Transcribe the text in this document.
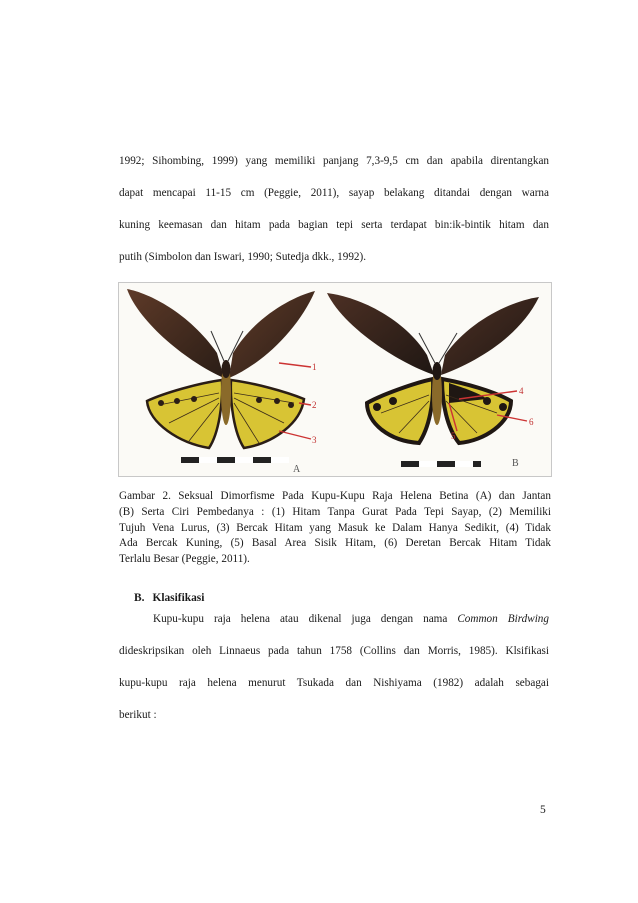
1992; Sihombing, 1999) yang memiliki panjang 7,3-9,5 cm dan apabila direntangkan
dapat mencapai 11-15 cm (Peggie, 2011), sayap belakang ditandai dengan warna
kuning keemasan dan hitam pada bagian tepi serta terdapat bin:ik-bintik hitam dan
putih (Simbolon dan Iswari, 1990; Sutedja dkk., 1992).
1
2
3
A
4
5
6
B
Gambar 2. Seksual Dimorfisme Pada Kupu-Kupu Raja Helena Betina (A) dan Jantan
(B) Serta Ciri Pembedanya : (1) Hitam Tanpa Gurat Pada Tepi Sayap, (2) Memiliki
Tujuh Vena Lurus, (3) Bercak Hitam yang Masuk ke Dalam Hanya Sedikit, (4) Tidak
Ada Bercak Kuning, (5) Basal Area Sisik Hitam, (6) Deretan Bercak Hitam Tidak
Terlalu Besar (Peggie, 2011).
B. Klasifikasi
Kupu-kupu raja helena atau dikenal juga dengan nama Common Birdwing
dideskripsikan oleh Linnaeus pada tahun 1758 (Collins dan Morris, 1985). Klsifikasi
kupu-kupu raja helena menurut Tsukada dan Nishiyama (1982) adalah sebagai
berikut :
5
